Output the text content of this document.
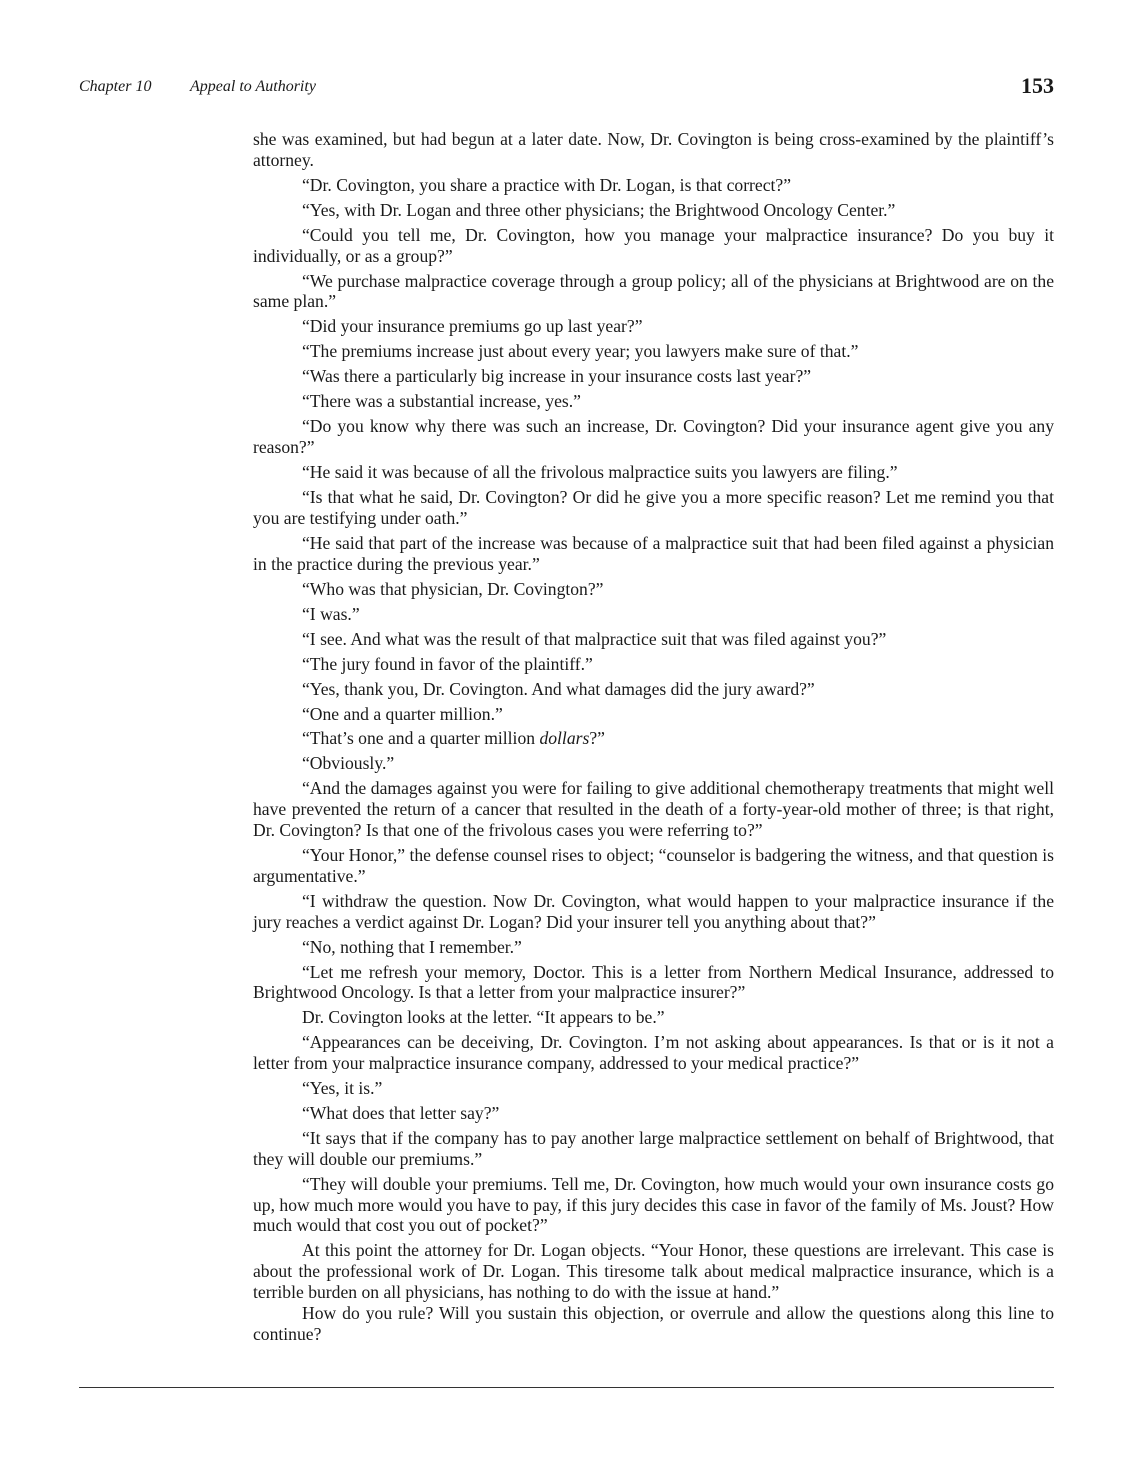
Chapter 10 Appeal to Authority	153

she was examined, but had begun at a later date. Now, Dr. Covington is being cross-examined by the plaintiff’s attorney.

“Dr. Covington, you share a practice with Dr. Logan, is that correct?”

“Yes, with Dr. Logan and three other physicians; the Brightwood Oncology Center.”

“Could you tell me, Dr. Covington, how you manage your malpractice insurance? Do you buy it individually, or as a group?”

“We purchase malpractice coverage through a group policy; all of the physicians at Brightwood are on the same plan.”

“Did your insurance premiums go up last year?”

“The premiums increase just about every year; you lawyers make sure of that.”

“Was there a particularly big increase in your insurance costs last year?”

“There was a substantial increase, yes.”

“Do you know why there was such an increase, Dr. Covington? Did your insurance agent give you any reason?”

“He said it was because of all the frivolous malpractice suits you lawyers are filing.”

“Is that what he said, Dr. Covington? Or did he give you a more specific reason? Let me remind you that you are testifying under oath.”

“He said that part of the increase was because of a malpractice suit that had been filed against a physician in the practice during the previous year.”

“Who was that physician, Dr. Covington?”

“I was.”

“I see. And what was the result of that malpractice suit that was filed against you?”

“The jury found in favor of the plaintiff.”

“Yes, thank you, Dr. Covington. And what damages did the jury award?”

“One and a quarter million.”

“That’s one and a quarter million dollars?”

“Obviously.”

“And the damages against you were for failing to give additional chemotherapy treatments that might well have prevented the return of a cancer that resulted in the death of a forty-year-old mother of three; is that right, Dr. Covington? Is that one of the frivolous cases you were referring to?”

“Your Honor,” the defense counsel rises to object; “counselor is badgering the witness, and that question is argumentative.”

“I withdraw the question. Now Dr. Covington, what would happen to your malpractice insurance if the jury reaches a verdict against Dr. Logan? Did your insurer tell you anything about that?”

“No, nothing that I remember.”

“Let me refresh your memory, Doctor. This is a letter from Northern Medical Insurance, addressed to Brightwood Oncology. Is that a letter from your malpractice insurer?”

Dr. Covington looks at the letter. “It appears to be.”

“Appearances can be deceiving, Dr. Covington. I’m not asking about appearances. Is that or is it not a letter from your malpractice insurance company, addressed to your medical practice?”

“Yes, it is.”

“What does that letter say?”

“It says that if the company has to pay another large malpractice settlement on behalf of Brightwood, that they will double our premiums.”

“They will double your premiums. Tell me, Dr. Covington, how much would your own insurance costs go up, how much more would you have to pay, if this jury decides this case in favor of the family of Ms. Joust? How much would that cost you out of pocket?”

At this point the attorney for Dr. Logan objects. “Your Honor, these questions are irrelevant. This case is about the professional work of Dr. Logan. This tiresome talk about medical malpractice insurance, which is a terrible burden on all physicians, has nothing to do with the issue at hand.”

How do you rule? Will you sustain this objection, or overrule and allow the questions along this line to continue?
